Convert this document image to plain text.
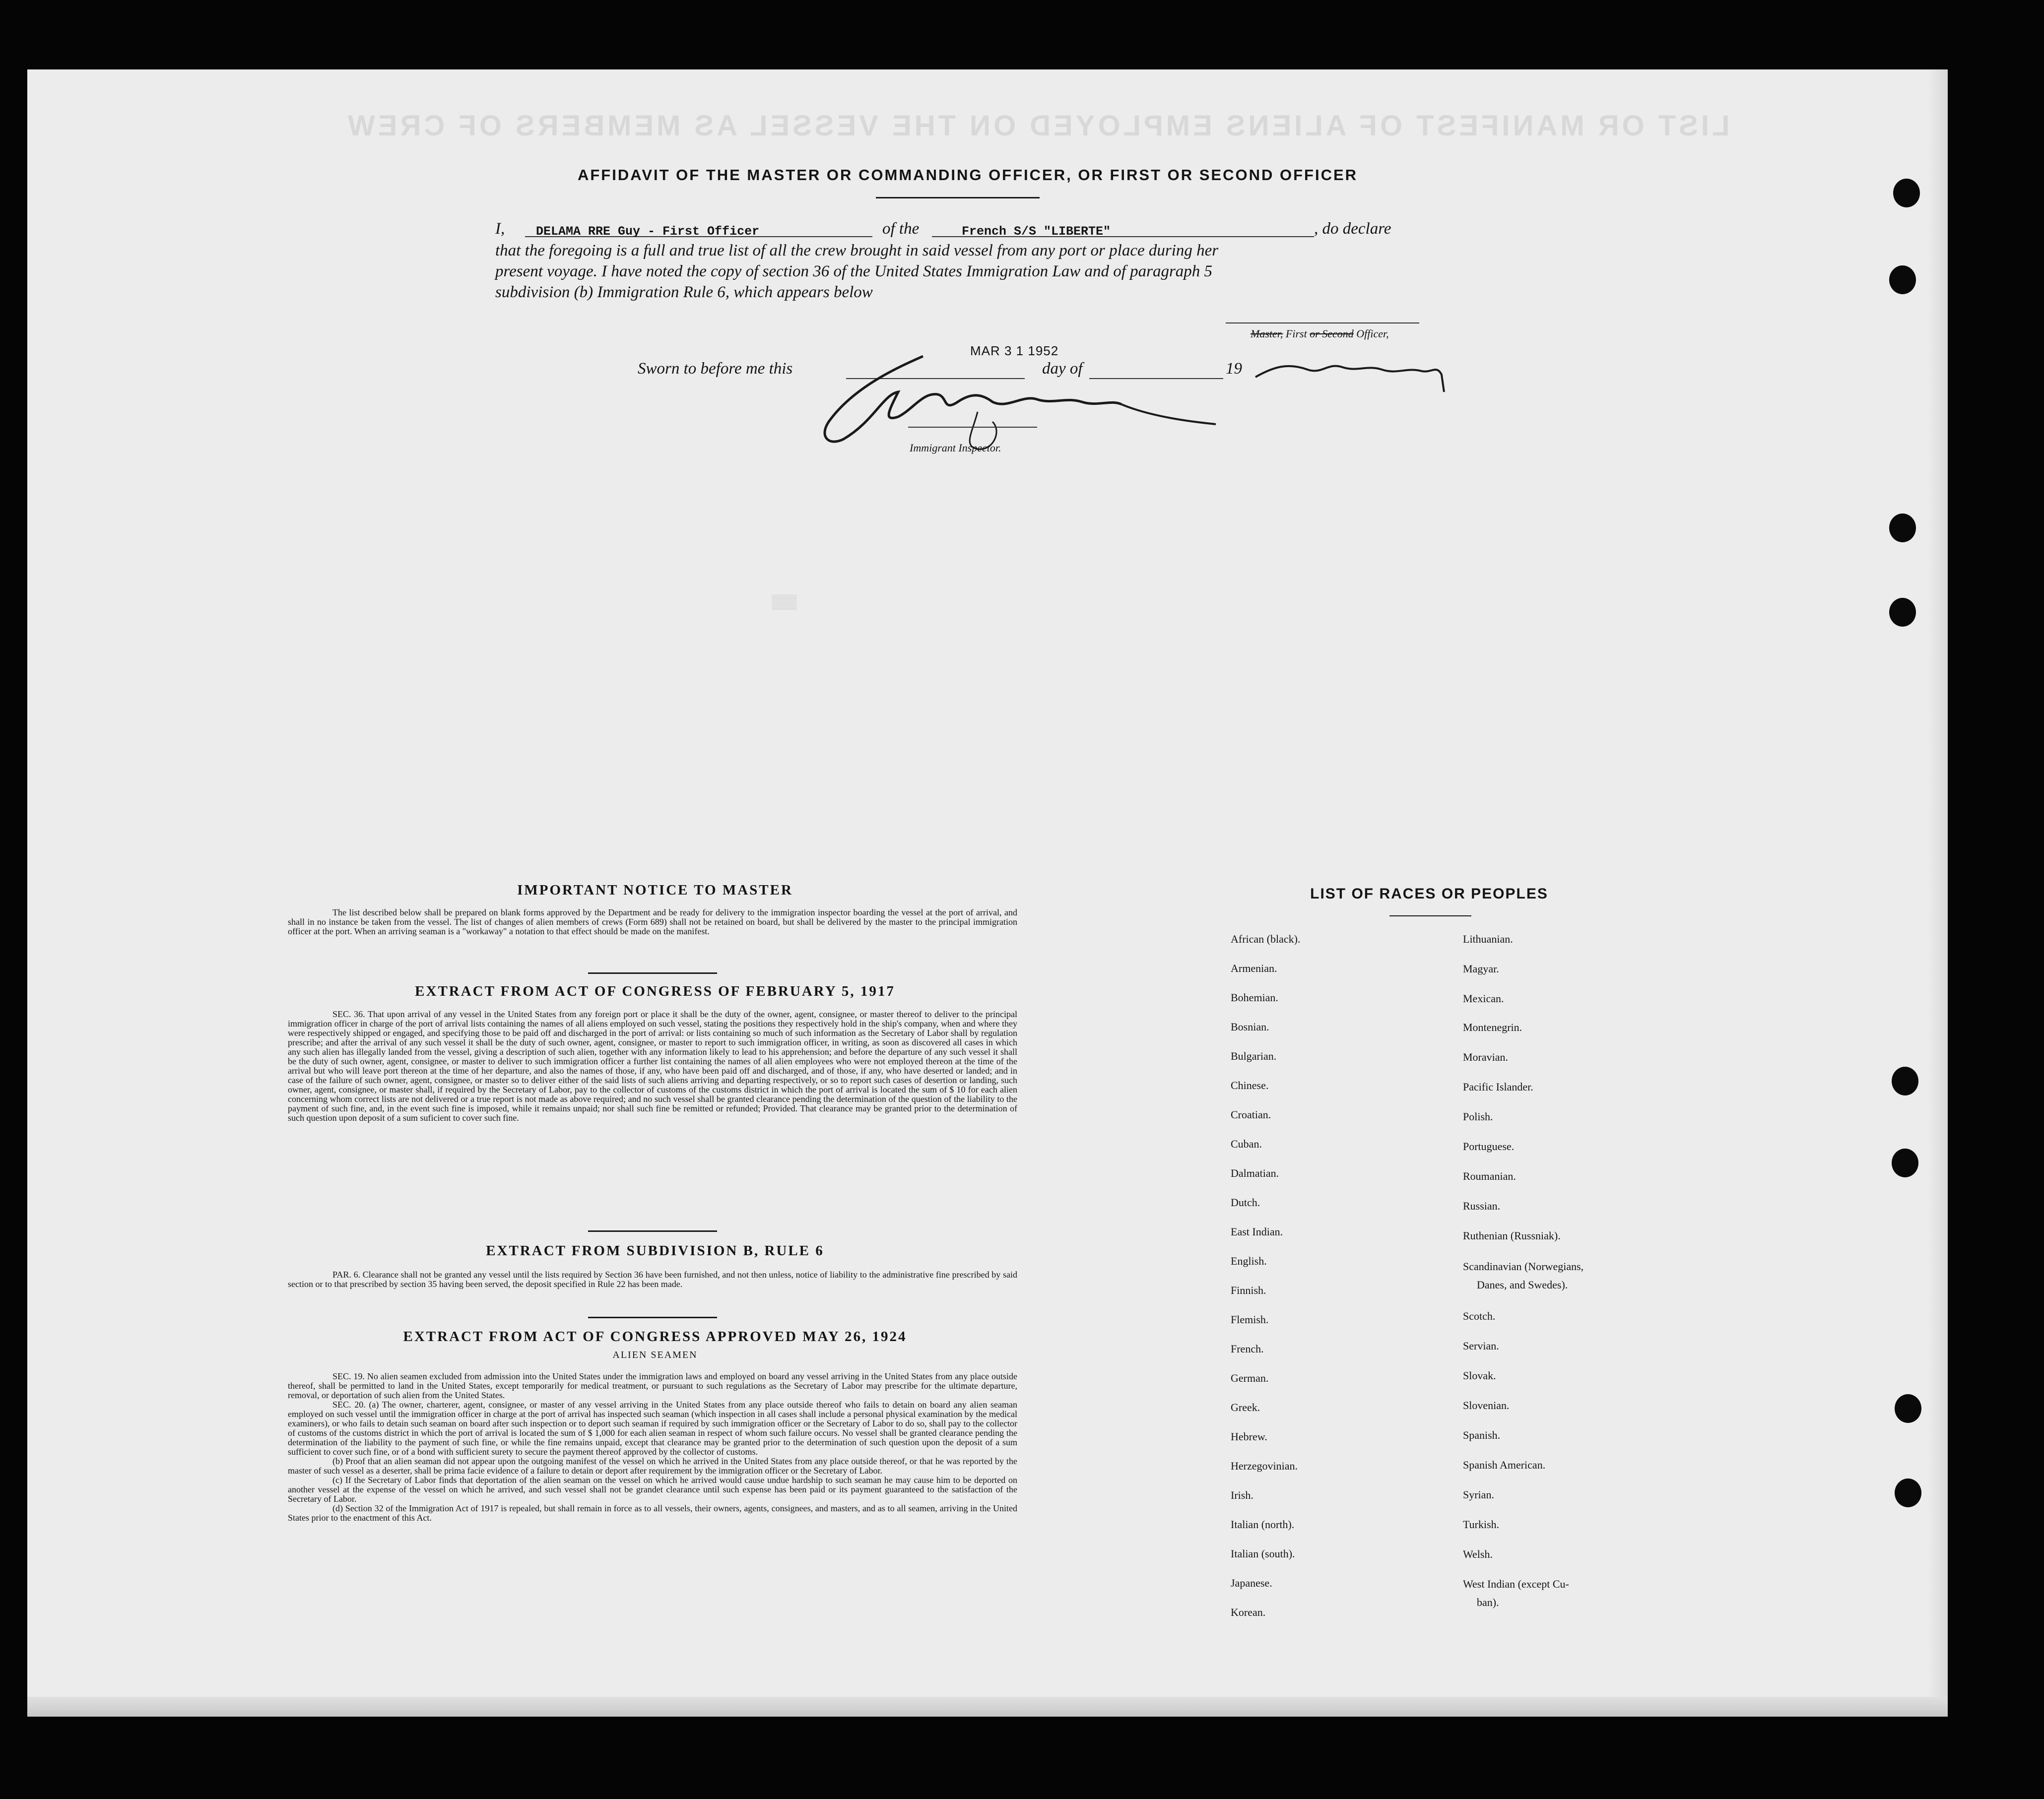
LIST OR MANIFEST OF ALIENS EMPLOYED ON THE VESSEL AS MEMBERS OF CREW
▒▒▒
AFFIDAVIT OF THE MASTER OR COMMANDING OFFICER, OR FIRST OR SECOND OFFICER
I,	DELAMA RRE Guy - First Officer	of the	French S/S "LIBERTE"	, do declare
that the foregoing is a full and true list of all the crew brought in said vessel from any port or place during her
present voyage. I have noted the copy of section 36 of the United States Immigration Law and of paragraph 5
subdivision (b) Immigration Rule 6, which appears below
Master, First or Second Officer,
Sworn to before me this
MAR 3 1 1952
day of	19
Immigrant Inspector.
IMPORTANT NOTICE TO MASTER
The list described below shall be prepared on blank forms approved by the Department and be ready for delivery to the immigration inspector boarding the vessel at the port of arrival, and shall in no instance be taken from the vessel. The list of changes of alien members of crews (Form 689) shall not be retained on board, but shall be delivered by the master to the principal immigration officer at the port. When an arriving seaman is a "workaway" a notation to that effect should be made on the manifest.
EXTRACT FROM ACT OF CONGRESS OF FEBRUARY 5, 1917
SEC. 36. That upon arrival of any vessel in the United States from any foreign port or place it shall be the duty of the owner, agent, consignee, or master thereof to deliver to the principal immigration officer in charge of the port of arrival lists containing the names of all aliens employed on such vessel, stating the positions they respectively hold in the ship's company, when and where they were respectively shipped or engaged, and specifying those to be paid off and discharged in the port of arrival: or lists containing so much of such information as the Secretary of Labor shall by regulation prescribe; and after the arrival of any such vessel it shall be the duty of such owner, agent, consignee, or master to report to such immigration officer, in writing, as soon as discovered all cases in which any such alien has illegally landed from the vessel, giving a description of such alien, together with any information likely to lead to his apprehension; and before the departure of any such vessel it shall be the duty of such owner, agent, consignee, or master to deliver to such immigration officer a further list containing the names of all alien employees who were not employed thereon at the time of the arrival but who will leave port thereon at the time of her departure, and also the names of those, if any, who have been paid off and discharged, and of those, if any, who have deserted or landed; and in case of the failure of such owner, agent, consignee, or master so to deliver either of the said lists of such aliens arriving and departing respectively, or so to report such cases of desertion or landing, such owner, agent, consignee, or master shall, if required by the Secretary of Labor, pay to the collector of customs of the customs district in which the port of arrival is located the sum of $ 10 for each alien concerning whom correct lists are not delivered or a true report is not made as above required; and no such vessel shall be granted clearance pending the determination of the question of the liability to the payment of such fine, and, in the event such fine is imposed, while it remains unpaid; nor shall such fine be remitted or refunded; Provided. That clearance may be granted prior to the determination of such question upon deposit of a sum suficient to cover such fine.
EXTRACT FROM SUBDIVISION B, RULE 6
PAR. 6. Clearance shall not be granted any vessel until the lists required by Section 36 have been furnished, and not then unless, notice of liability to the administrative fine prescribed by said section or to that prescribed by section 35 having been served, the deposit specified in Rule 22 has been made.
EXTRACT FROM ACT OF CONGRESS APPROVED MAY 26, 1924
ALIEN SEAMEN
SEC. 19. No alien seamen excluded from admission into the United States under the immigration laws and employed on board any vessel arriving in the United States from any place outside thereof, shall be permitted to land in the United States, except temporarily for medical treatment, or pursuant to such regulations as the Secretary of Labor may prescribe for the ultimate departure, removal, or deportation of such alien from the United States.
SEC. 20. (a) The owner, charterer, agent, consignee, or master of any vessel arriving in the United States from any place outside thereof who fails to detain on board any alien seaman employed on such vessel until the immigration officer in charge at the port of arrival has inspected such seaman (which inspection in all cases shall include a personal physical examination by the medical examiners), or who fails to detain such seaman on board after such inspection or to deport such seaman if required by such immigration officer or the Secretary of Labor to do so, shall pay to the collector of customs of the customs district in which the port of arrival is located the sum of $ 1,000 for each alien seaman in respect of whom such failure occurs. No vessel shall be granted clearance pending the determination of the liability to the payment of such fine, or while the fine remains unpaid, except that clearance may be granted prior to the determination of such question upon the deposit of a sum sufficient to cover such fine, or of a bond with sufficient surety to secure the payment thereof approved by the collector of customs.
(b) Proof that an alien seaman did not appear upon the outgoing manifest of the vessel on which he arrived in the United States from any place outside thereof, or that he was reported by the master of such vessel as a deserter, shall be prima facie evidence of a failure to detain or deport after requirement by the immigration officer or the Secretary of Labor.
(c) If the Secretary of Labor finds that deportation of the alien seaman on the vessel on which he arrived would cause undue hardship to such seaman he may cause him to be deported on another vessel at the expense of the vessel on which he arrived, and such vessel shall not be grandet clearance until such expense has been paid or its payment guaranteed to the satisfaction of the Secretary of Labor.
(d) Section 32 of the Immigration Act of 1917 is repealed, but shall remain in force as to all vessels, their owners, agents, consignees, and masters, and as to all seamen, arriving in the United States prior to the enactment of this Act.
LIST OF RACES OR PEOPLES
African (black).
Armenian.
Bohemian.
Bosnian.
Bulgarian.
Chinese.
Croatian.
Cuban.
Dalmatian.
Dutch.
East Indian.
English.
Finnish.
Flemish.
French.
German.
Greek.
Hebrew.
Herzegovinian.
Irish.
Italian (north).
Italian (south).
Japanese.
Korean.
Lithuanian.
Magyar.
Mexican.
Montenegrin.
Moravian.
Pacific Islander.
Polish.
Portuguese.
Roumanian.
Russian.
Ruthenian (Russniak).
Scandinavian (Norwegians,
Danes, and Swedes).
Scotch.
Servian.
Slovak.
Slovenian.
Spanish.
Spanish American.
Syrian.
Turkish.
Welsh.
West Indian (except Cu-
ban).
